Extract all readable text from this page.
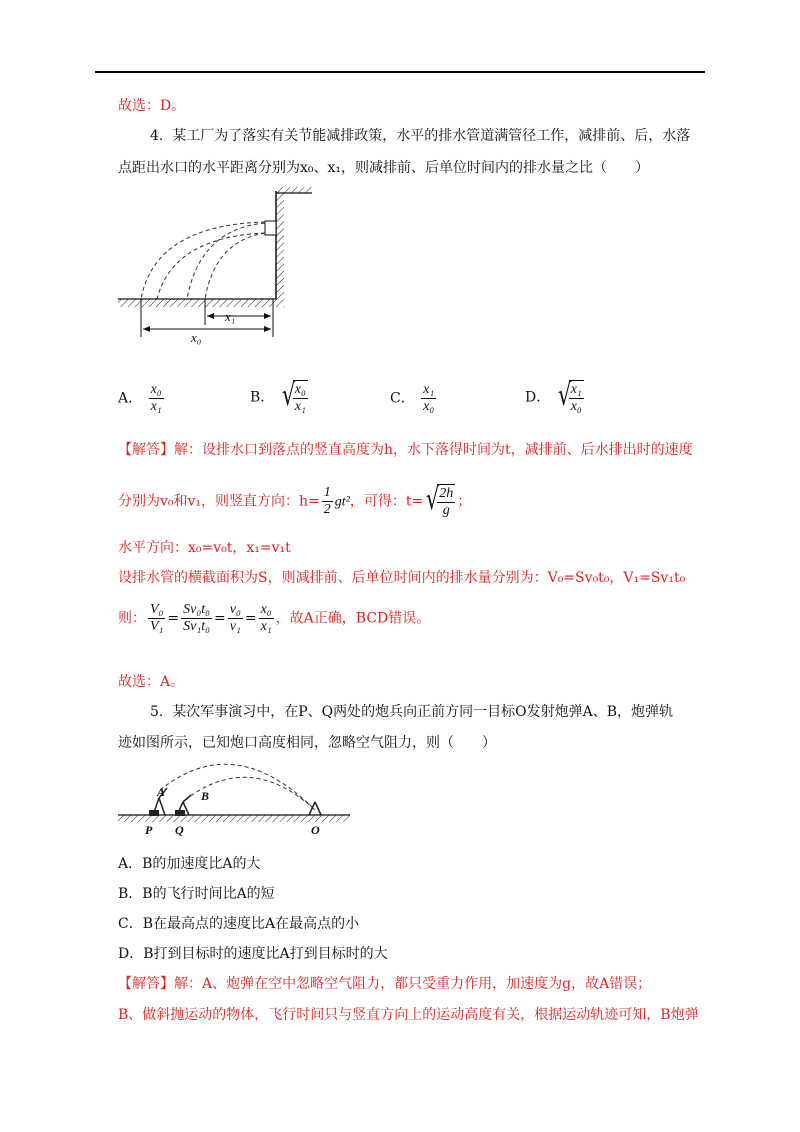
故选：D。
4. 某工厂为了落实有关节能减排政策，水平的排水管道满管径工作，减排前、后，水落
点距出水口的水平距离分别为x₀、x₁，则减排前、后单位时间内的排水量之比（　　）
x₁
x₀
A． $\frac{\text{x₀}}{\text{x₁}}$	B． √
$\frac{\text{x₀}}{\text{x₁}}$	C． $\frac{\text{x₁}}{\text{x₀}}$	D． √
$\frac{\text{x₁}}{\text{x₀}}$
【解答】解：设排水口到落点的竖直高度为h，水下落得时间为t，减排前、后水排出时的速度
分别为v₀和v₁，则竖直方向：$h= \frac{1}{2} gt^2$，可得：t= √
$\frac{2h}{g}$ ；
水平方向：x₀=v₀t，x₁=v₁t
设排水管的横截面积为S，则减排前、后单位时间内的排水量分别为：V₀=Sv₀t₀，V₁=Sv₁t₀
则： $\frac{\text{V₀}}{\text{V₁}} = \frac{\text{Sv₀t₀}}{\text{Sv₁t₀}} = \frac{\text{v₀}}{\text{v₁}} = \frac{\text{x₀}}{\text{x₁}}$ ，故A正确，BCD错误。
故选：A。
5. 某次军事演习中，在P、Q两处的炮兵向正前方同一目标O发射炮弹A、B，炮弹轨
迹如图所示，已知炮口高度相同，忽略空气阻力，则（　　）
A	B
P Q	O
A．B的加速度比A的大
B．B的飞行时间比A的短
C．B在最高点的速度比A在最高点的小
D．B打到目标时的速度比A打到目标时的大
【解答】解：A、炮弹在空中忽略空气阻力，都只受重力作用，加速度为g，故A错误；
B、做斜抛运动的物体，飞行时间只与竖直方向上的运动高度有关，根据运动轨迹可知，B炮弹
